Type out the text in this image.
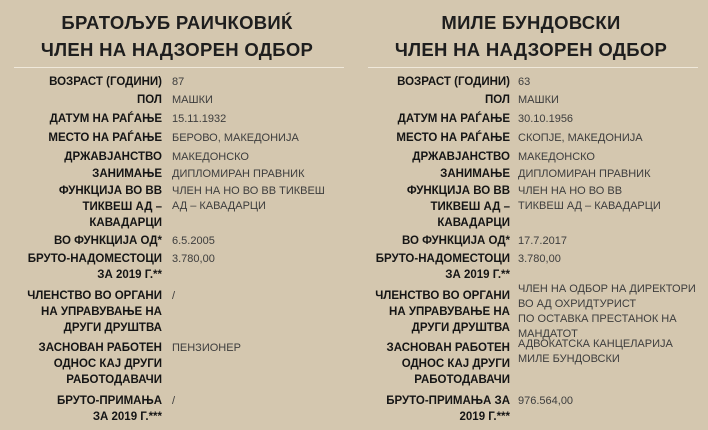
БРАТОЉУБ РАИЧКОВИЌ
ЧЛЕН НА НАДЗОРЕН ОДБОР
ВОЗРАСТ (ГОДИНИ) 87
ПОЛ МАШКИ
ДАТУМ НА РАЃАЊЕ 15.11.1932
МЕСТО НА РАЃАЊЕ БЕРОВО, МАКЕДОНИЈА
ДРЖАВЈАНСТВО МАКЕДОНСКО
ЗАНИМАЊЕ ДИПЛОМИРАН ПРАВНИК
ФУНКЦИЈА ВО ВВ
ТИКВЕШ АД –
КАВАДАРЦИ
ЧЛЕН НА НО ВО ВВ ТИКВЕШ
АД – КАВАДАРЦИ
ВО ФУНКЦИЈА ОД* 6.5.2005
БРУТО-НАДОМЕСТОЦИ
ЗА 2019 Г.**
3.780,00
ЧЛЕНСТВО ВО ОРГАНИ
НА УПРАВУВАЊЕ НА
ДРУГИ ДРУШТВА
/
ЗАСНОВАН РАБОТЕН
ОДНОС КАЈ ДРУГИ
РАБОТОДАВАЧИ
ПЕНЗИОНЕР
БРУТО-ПРИМАЊА
ЗА 2019 Г.***
/
МИЛЕ БУНДОВСКИ
ЧЛЕН НА НАДЗОРЕН ОДБОР
ВОЗРАСТ (ГОДИНИ) 63
ПОЛ МАШКИ
ДАТУМ НА РАЃАЊЕ 30.10.1956
МЕСТО НА РАЃАЊЕ СКОПЈЕ, МАКЕДОНИЈА
ДРЖАВЈАНСТВО МАКЕДОНСКО
ЗАНИМАЊЕ ДИПЛОМИРАН ПРАВНИК
ФУНКЦИЈА ВО ВВ
ТИКВЕШ АД –
КАВАДАРЦИ
ЧЛЕН НА НО ВО ВВ
ТИКВЕШ АД – КАВАДАРЦИ
ВО ФУНКЦИЈА ОД* 17.7.2017
БРУТО-НАДОМЕСТОЦИ
ЗА 2019 Г.**
3.780,00
ЧЛЕНСТВО ВО ОРГАНИ
НА УПРАВУВАЊЕ НА
ДРУГИ ДРУШТВА
ЧЛЕН НА ОДБОР НА ДИРЕКТОРИ
ВО АД ОХРИДТУРИСТ
ПО ОСТАВКА ПРЕСТАНОК НА
МАНДАТОТ
ЗАСНОВАН РАБОТЕН
ОДНОС КАЈ ДРУГИ
РАБОТОДАВАЧИ
АДВОКАТСКА КАНЦЕЛАРИЈА
МИЛЕ БУНДОВСКИ
БРУТО-ПРИМАЊА ЗА
2019 Г.***
976.564,00
